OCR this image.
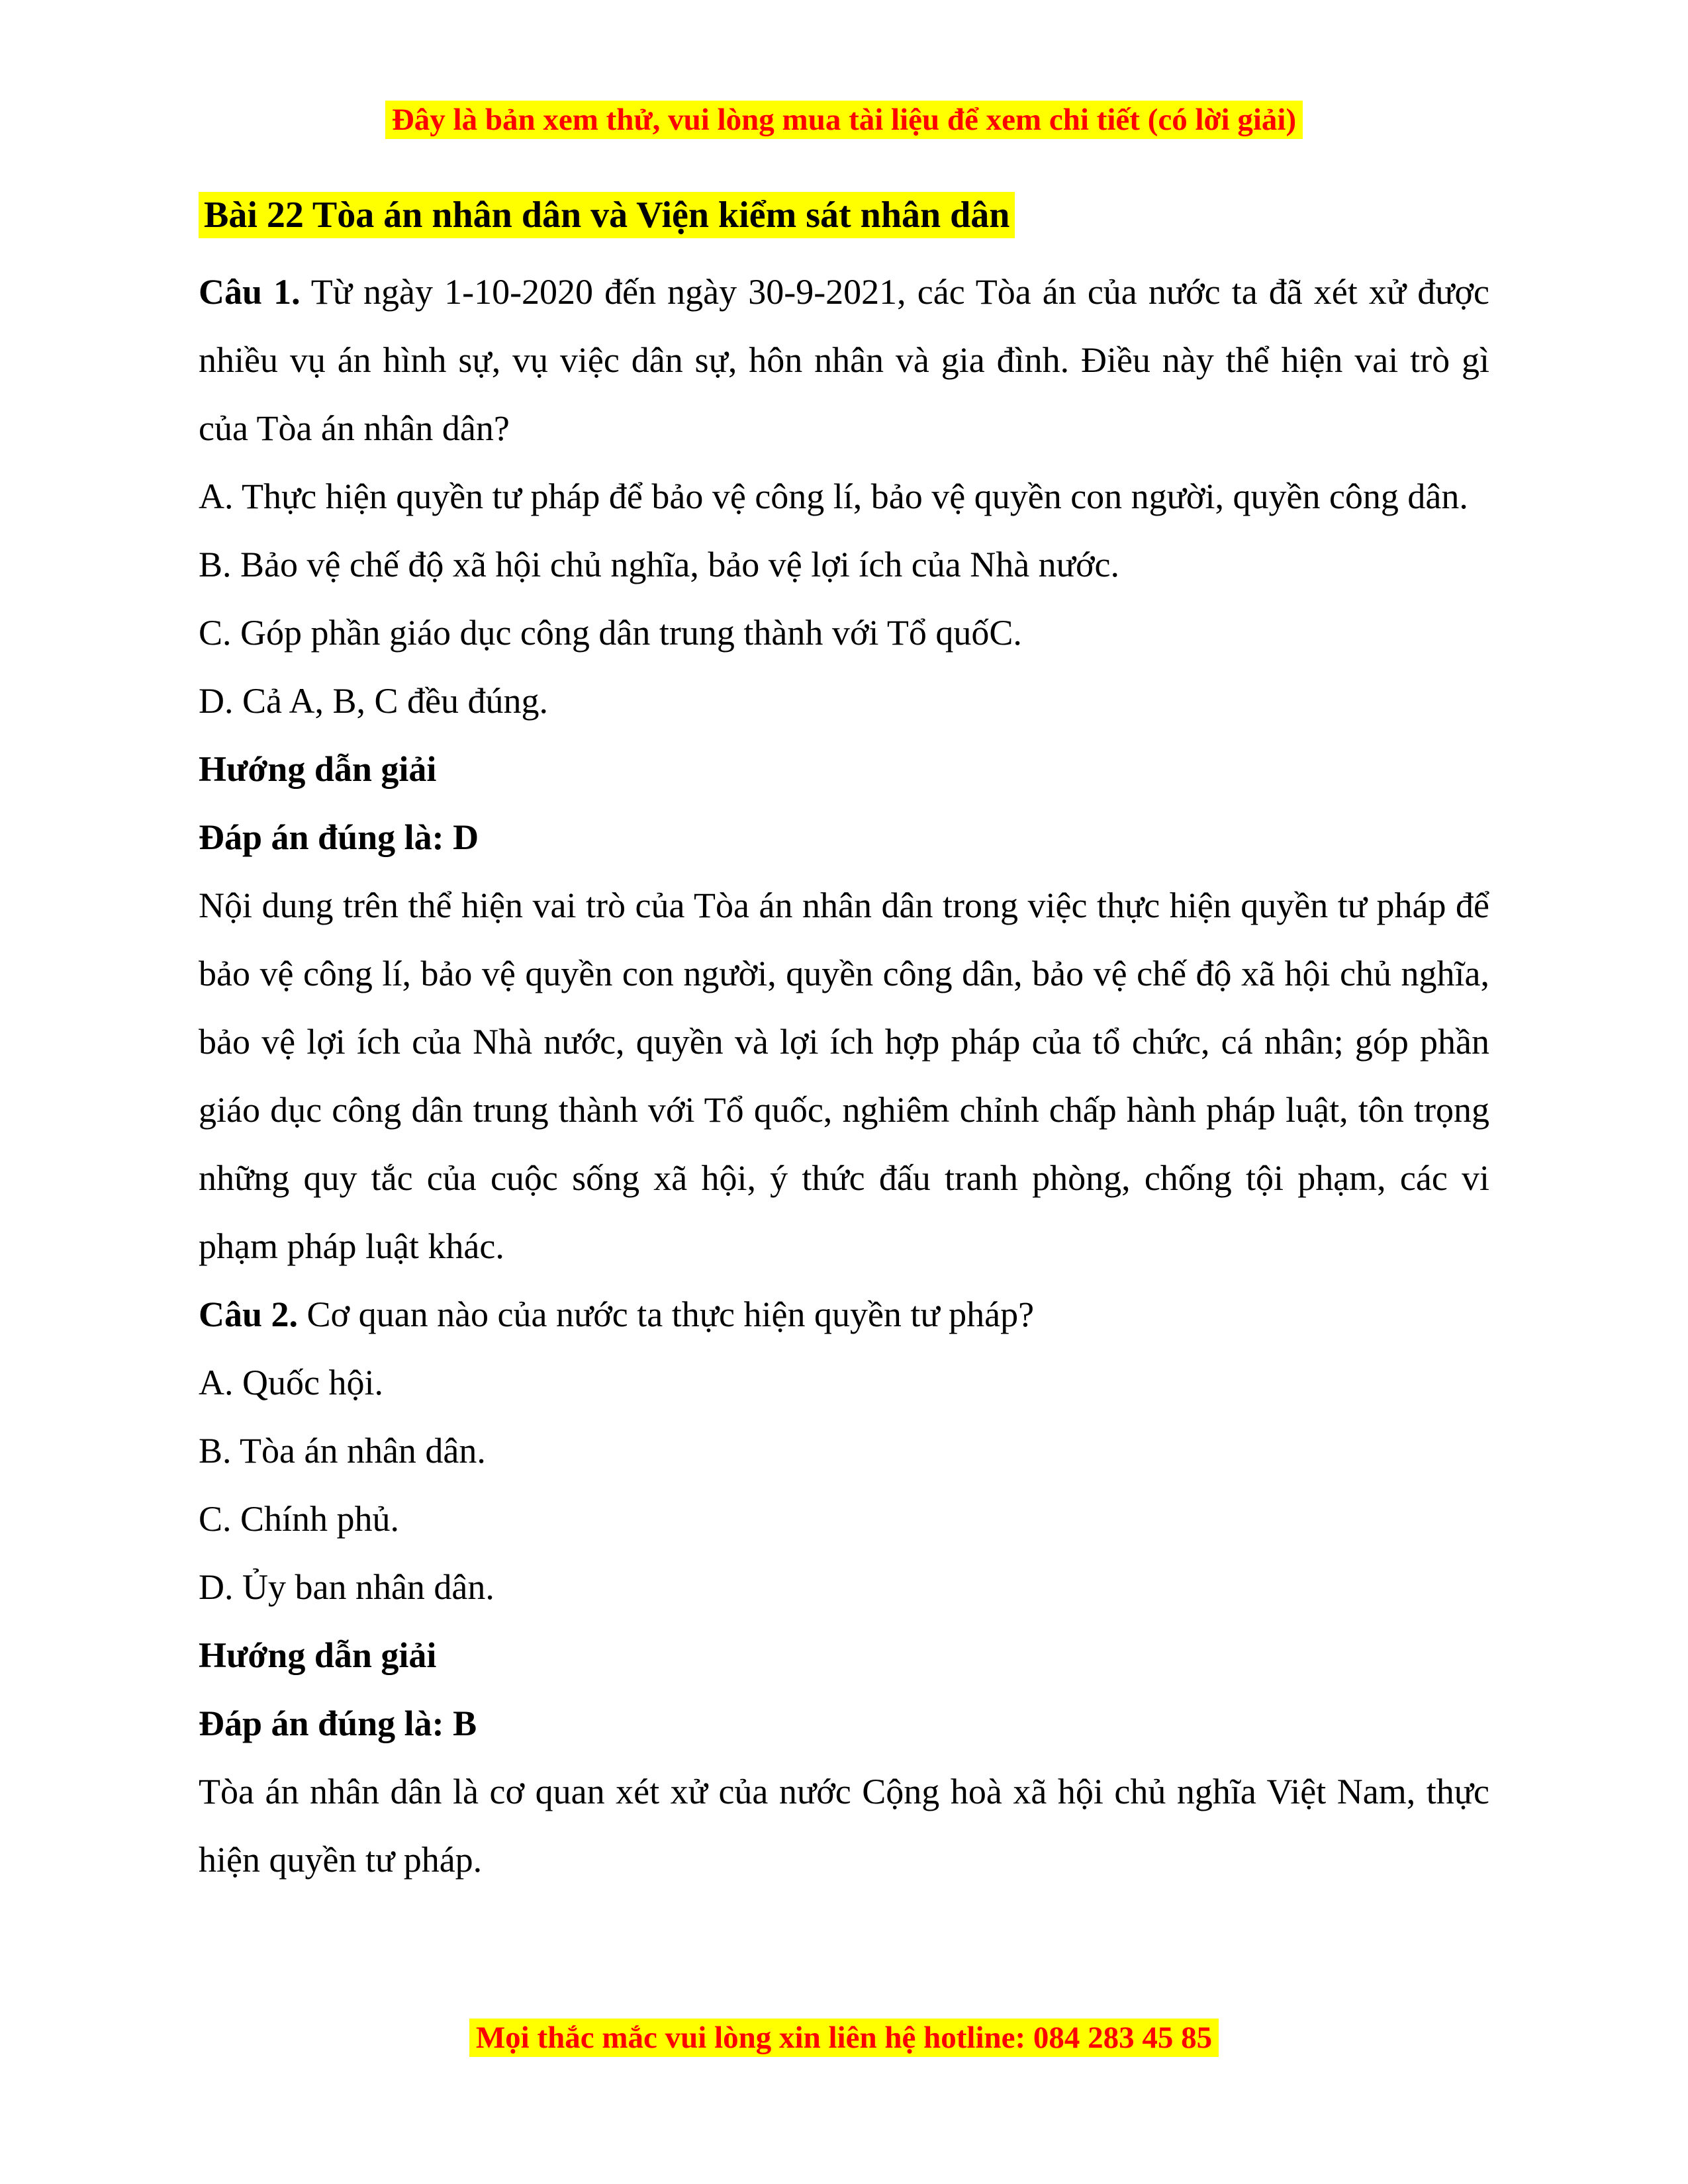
Đây là bản xem thử, vui lòng mua tài liệu để xem chi tiết (có lời giải)
Bài 22 Tòa án nhân dân và Viện kiểm sát nhân dân

Câu 1. Từ ngày 1-10-2020 đến ngày 30-9-2021, các Tòa án của nước ta đã xét xử được nhiều vụ án hình sự, vụ việc dân sự, hôn nhân và gia đình. Điều này thể hiện vai trò gì của Tòa án nhân dân?

A. Thực hiện quyền tư pháp để bảo vệ công lí, bảo vệ quyền con người, quyền công dân.

B. Bảo vệ chế độ xã hội chủ nghĩa, bảo vệ lợi ích của Nhà nước.

C. Góp phần giáo dục công dân trung thành với Tổ quốC.

D. Cả A, B, C đều đúng.

Hướng dẫn giải

Đáp án đúng là: D

Nội dung trên thể hiện vai trò của Tòa án nhân dân trong việc thực hiện quyền tư pháp để bảo vệ công lí, bảo vệ quyền con người, quyền công dân, bảo vệ chế độ xã hội chủ nghĩa, bảo vệ lợi ích của Nhà nước, quyền và lợi ích hợp pháp của tổ chức, cá nhân; góp phần giáo dục công dân trung thành với Tổ quốc, nghiêm chỉnh chấp hành pháp luật, tôn trọng những quy tắc của cuộc sống xã hội, ý thức đấu tranh phòng, chống tội phạm, các vi phạm pháp luật khác.

Câu 2. Cơ quan nào của nước ta thực hiện quyền tư pháp?

A. Quốc hội.

B. Tòa án nhân dân.

C. Chính phủ.

D. Ủy ban nhân dân.

Hướng dẫn giải

Đáp án đúng là: B

Tòa án nhân dân là cơ quan xét xử của nước Cộng hoà xã hội chủ nghĩa Việt Nam, thực hiện quyền tư pháp.

Mọi thắc mắc vui lòng xin liên hệ hotline: 084 283 45 85
